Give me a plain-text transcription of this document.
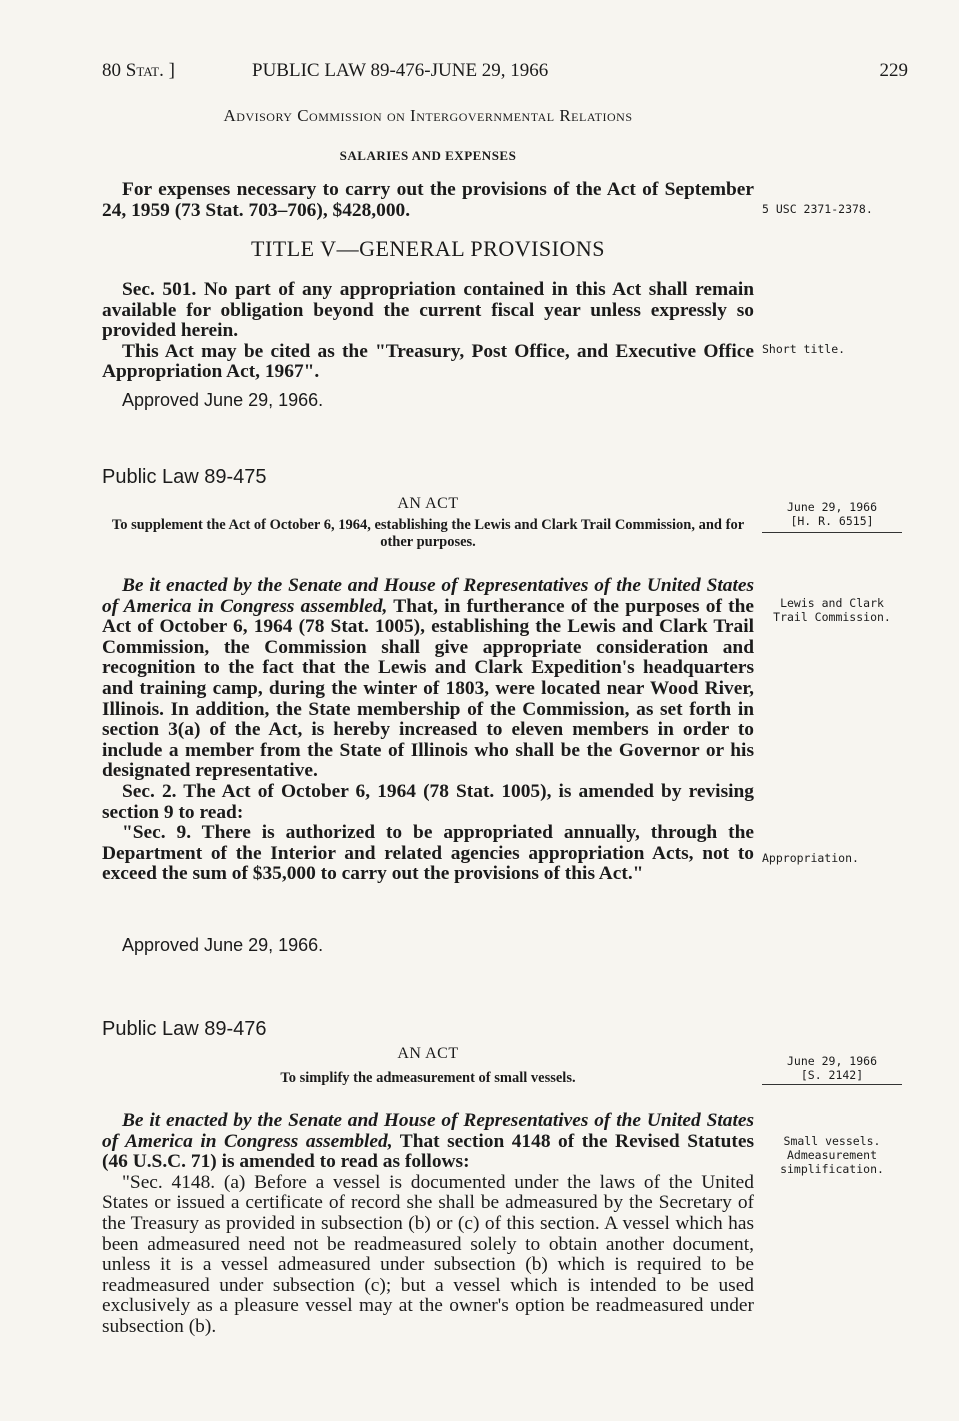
80 Stat. ]	PUBLIC LAW 89-476-JUNE 29, 1966	229
Advisory Commission on Intergovernmental Relations
SALARIES AND EXPENSES

For expenses necessary to carry out the provisions of the Act of September 24, 1959 (73 Stat. 703–706), $428,000.	5 USC 2371-2378.
TITLE V—GENERAL PROVISIONS

Sec. 501. No part of any appropriation contained in this Act shall remain available for obligation beyond the current fiscal year unless expressly so provided herein.

This Act may be cited as the "Treasury, Post Office, and Executive Office Appropriation Act, 1967".

Short title.
Approved June 29, 1966.
Public Law 89-475
AN ACT
To supplement the Act of October 6, 1964, establishing the Lewis and Clark Trail Commission, and for other purposes.
June 29, 1966
[H. R. 6515]

Be it enacted by the Senate and House of Representatives of the United States of America in Congress assembled, That, in furtherance of the purposes of the Act of October 6, 1964 (78 Stat. 1005), establishing the Lewis and Clark Trail Commission, the Commission shall give appropriate consideration and recognition to the fact that the Lewis and Clark Expedition's headquarters and training camp, during the winter of 1803, were located near Wood River, Illinois. In addition, the State membership of the Commission, as set forth in section 3(a) of the Act, is hereby increased to eleven members in order to include a member from the State of Illinois who shall be the Governor or his designated representative.

Sec. 2. The Act of October 6, 1964 (78 Stat. 1005), is amended by revising section 9 to read:

"Sec. 9. There is authorized to be appropriated annually, through the Department of the Interior and related agencies appropriation Acts, not to exceed the sum of $35,000 to carry out the provisions of this Act."

Lewis and Clark Trail Commission.
Appropriation.
Approved June 29, 1966.
Public Law 89-476
AN ACT
To simplify the admeasurement of small vessels.
June 29, 1966
[S. 2142]

Be it enacted by the Senate and House of Representatives of the United States of America in Congress assembled, That section 4148 of the Revised Statutes (46 U.S.C. 71) is amended to read as follows:

"Sec. 4148. (a) Before a vessel is documented under the laws of the United States or issued a certificate of record she shall be admeasured by the Secretary of the Treasury as provided in subsection (b) or (c) of this section. A vessel which has been admeasured need not be readmeasured solely to obtain another document, unless it is a vessel admeasured under subsection (b) which is required to be readmeasured under subsection (c); but a vessel which is intended to be used exclusively as a pleasure vessel may at the owner's option be readmeasured under subsection (b).

Small vessels. Admeasurement simplification.
